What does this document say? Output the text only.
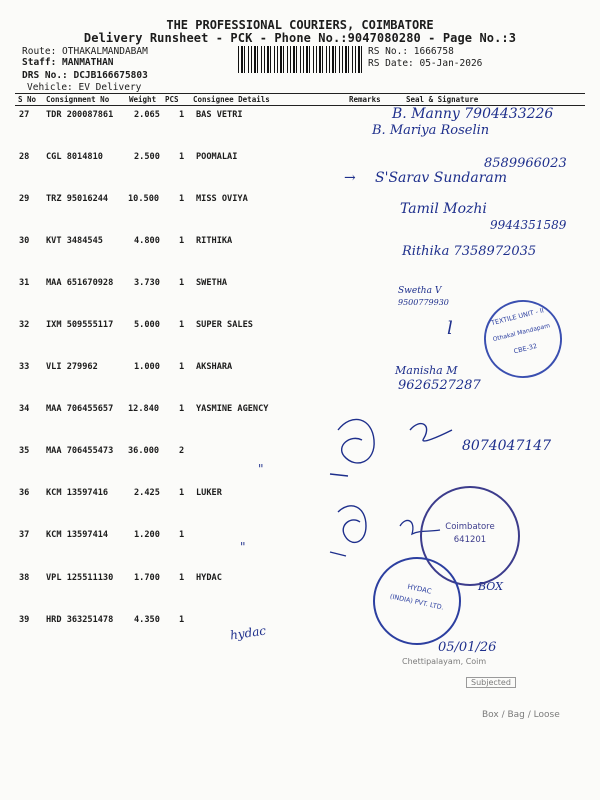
THE PROFESSIONAL COURIERS, COIMBATORE
Delivery Runsheet - PCK - Phone No.:9047080280 - Page No.:3
Route: OTHAKALMANDABAM
Staff: MANMATHAN
DRS No.: DCJB166675803
Vehicle: EV Delivery
RS No.: 1666758
RS Date: 05-Jan-2026
S No Consignment No	Weight PCS Consignee Details	Remarks	Seal & Signature
27 TDR 200087861 2.065 1 BAS VETRI
28 CGL 8014810	2.500 1 POOMALAI
29 TRZ 95016244 10.500 1 MISS OVIYA
30 KVT 3484545	4.800 1 RITHIKA
31 MAA 651670928 3.730 1 SWETHA
32 IXM 509555117 5.000 1 SUPER SALES
33 VLI 279962	1.000 1 AKSHARA
34 MAA 706455657 12.840 1 YASMINE AGENCY
35 MAA 706455473 36.000 2
36 KCM 13597416	2.425 1 LUKER
37 KCM 13597414	1.200 1
38 VPL 125511130 1.700 1 HYDAC
39 HRD 363251478 4.350 1
B. Manny 7904433226
B. Mariya Roselin
8589966023
→ S'Sarav Sundaram
Tamil Mozhi
9944351589
Rithika 7358972035
Swetha V
9500779930
l
Manisha M
9626527287
8074047147
"
"
BOX
hydac
05/01/26
TEXTILE UNIT - II
Othakal Mandapam
CBE-32
Coimbatore
641201
HYDAC
(INDIA) PVT. LTD.
Chettipalayam, Coim
Subjected
Box / Bag / Loose
